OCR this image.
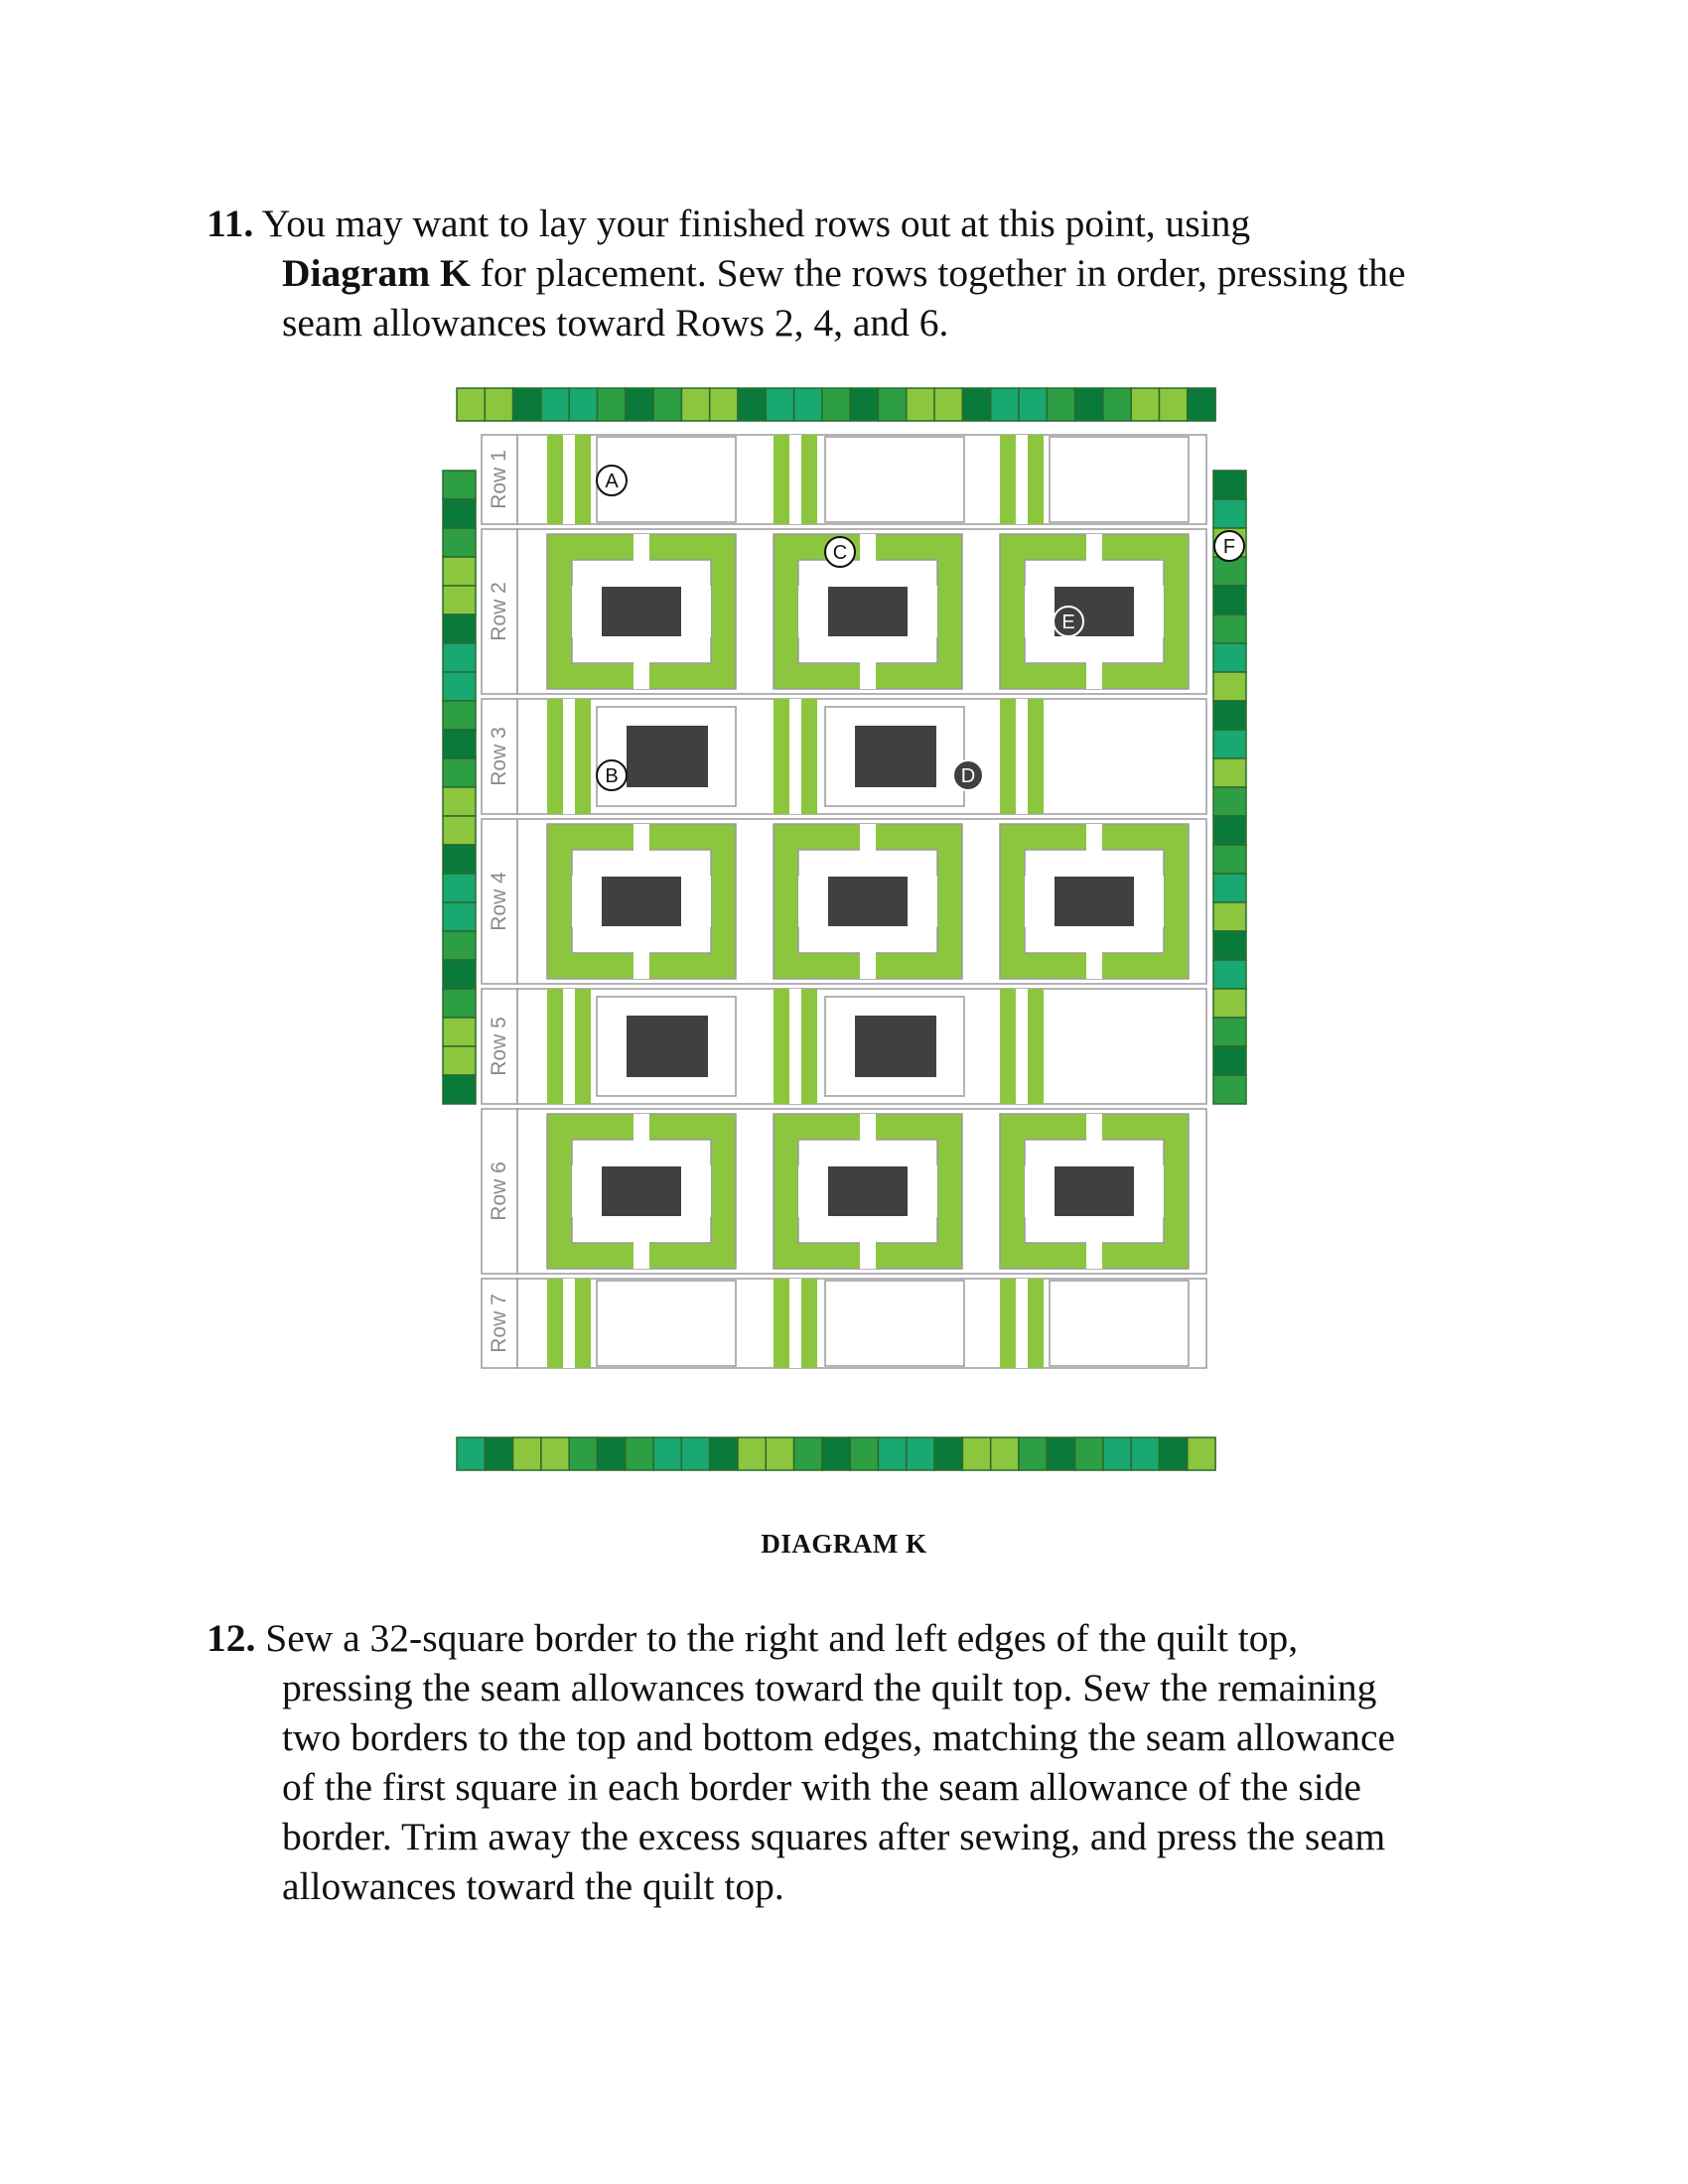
11. You may want to lay your finished rows out at this point, using
Diagram K for placement. Sew the rows together in order, pressing the
seam allowances toward Rows 2, 4, and 6.
Row 1
Row 2
Row 3
Row 4
Row 5
Row 6
Row 7
A
B
C
D
E
F
DIAGRAM K
12. Sew a 32-square border to the right and left edges of the quilt top,
pressing the seam allowances toward the quilt top. Sew the remaining
two borders to the top and bottom edges, matching the seam allowance
of the first square in each border with the seam allowance of the side
border. Trim away the excess squares after sewing, and press the seam
allowances toward the quilt top.
